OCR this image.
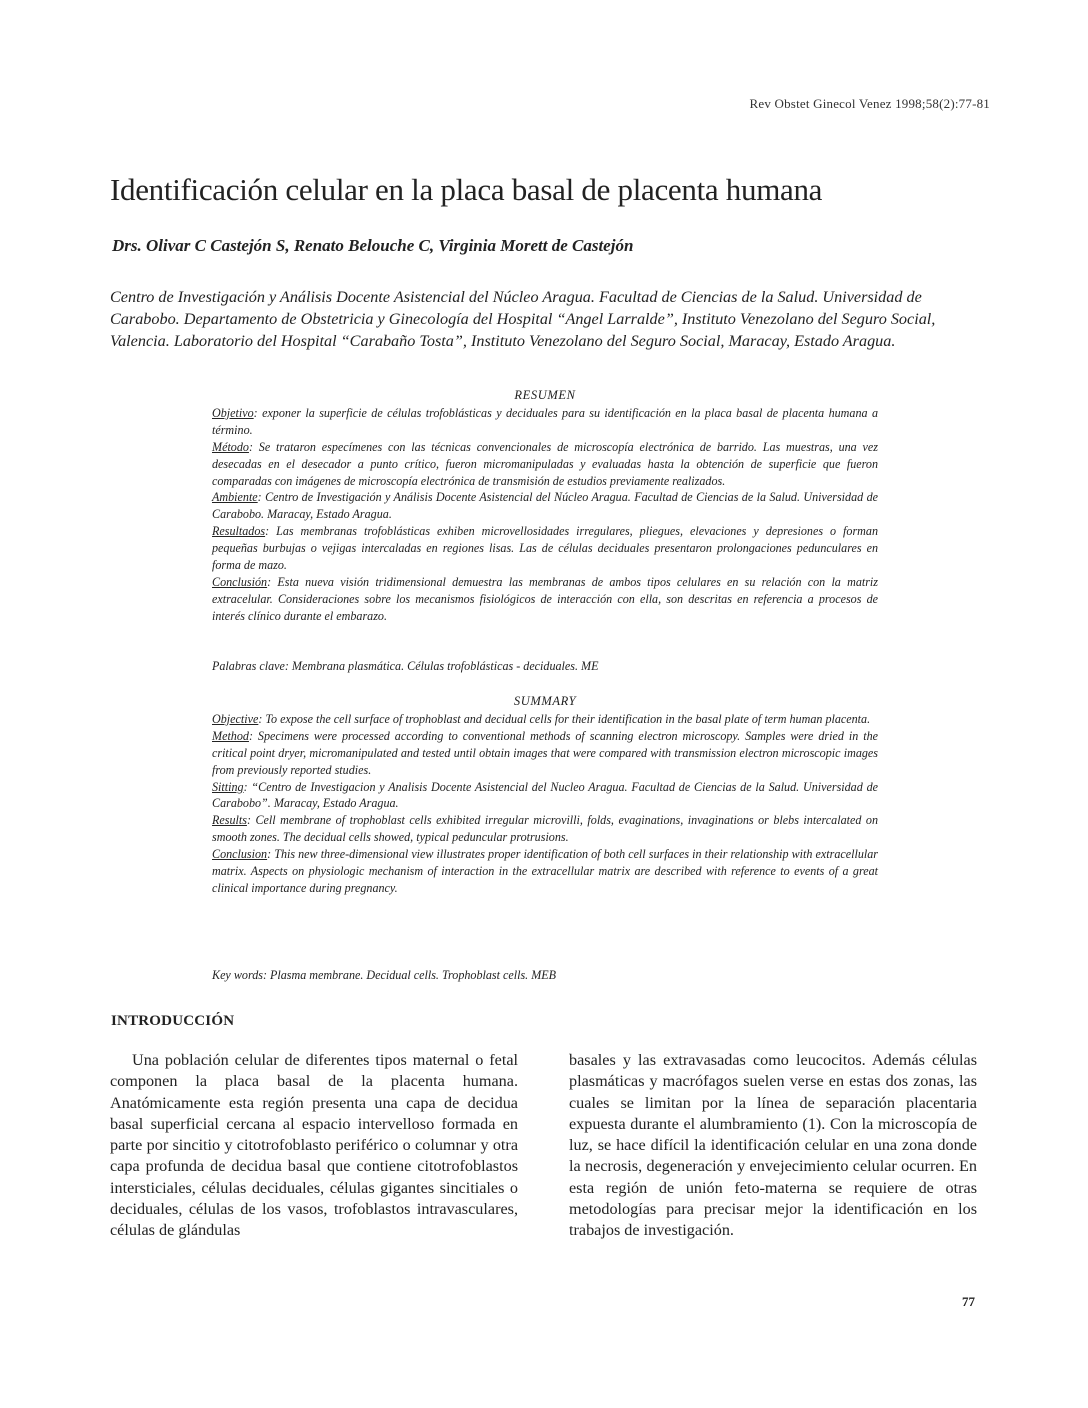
Rev Obstet Ginecol Venez 1998;58(2):77-81
Identificación celular en la placa basal de placenta humana

Drs. Olivar C Castejón S, Renato Belouche C, Virginia Morett de Castejón

Centro de Investigación y Análisis Docente Asistencial del Núcleo Aragua. Facultad de Ciencias de la Salud. Universidad de Carabobo. Departamento de Obstetricia y Ginecología del Hospital “Angel Larralde”, Instituto Venezolano del Seguro Social, Valencia. Laboratorio del Hospital “Carabaño Tosta”, Instituto Venezolano del Seguro Social, Maracay, Estado Aragua.

RESUMEN

Objetivo: exponer la superficie de células trofoblásticas y deciduales para su identificación en la placa basal de placenta humana a término.

Método: Se trataron especímenes con las técnicas convencionales de microscopía electrónica de barrido. Las muestras, una vez desecadas en el desecador a punto crítico, fueron micromanipuladas y evaluadas hasta la obtención de superficie que fueron comparadas con imágenes de microscopía electrónica de transmisión de estudios previamente realizados.

Ambiente: Centro de Investigación y Análisis Docente Asistencial del Núcleo Aragua. Facultad de Ciencias de la Salud. Universidad de Carabobo. Maracay, Estado Aragua.

Resultados: Las membranas trofoblásticas exhiben microvellosidades irregulares, pliegues, elevaciones y depresiones o forman pequeñas burbujas o vejigas intercaladas en regiones lisas. Las de células deciduales presentaron prolongaciones pedunculares en forma de mazo.

Conclusión: Esta nueva visión tridimensional demuestra las membranas de ambos tipos celulares en su relación con la matriz extracelular. Consideraciones sobre los mecanismos fisiológicos de interacción con ella, son descritas en referencia a procesos de interés clínico durante el embarazo.

Palabras clave: Membrana plasmática. Células trofoblásticas - deciduales. ME

SUMMARY

Objective: To expose the cell surface of trophoblast and decidual cells for their identification in the basal plate of term human placenta.

Method: Specimens were processed according to conventional methods of scanning electron microscopy. Samples were dried in the critical point dryer, micromanipulated and tested until obtain images that were compared with transmission electron microscopic images from previously reported studies.

Sitting: “Centro de Investigacion y Analisis Docente Asistencial del Nucleo Aragua. Facultad de Ciencias de la Salud. Universidad de Carabobo”. Maracay, Estado Aragua.

Results: Cell membrane of trophoblast cells exhibited irregular microvilli, folds, evaginations, invaginations or blebs intercalated on smooth zones. The decidual cells showed, typical peduncular protrusions.

Conclusion: This new three-dimensional view illustrates proper identification of both cell surfaces in their relationship with extracellular matrix. Aspects on physiologic mechanism of interaction in the extracellular matrix are described with reference to events of a great clinical importance during pregnancy.

Key words: Plasma membrane. Decidual cells. Trophoblast cells. MEB

INTRODUCCIÓN

Una población celular de diferentes tipos maternal o fetal componen la placa basal de la placenta humana. Anatómicamente esta región presenta una capa de decidua basal superficial cercana al espacio intervelloso formada en parte por sincitio y citotrofoblasto periférico o columnar y otra capa profunda de decidua basal que contiene citotrofoblastos intersticiales, células deciduales, células gigantes sincitiales o deciduales, células de los vasos, trofoblastos intravasculares, células de glándulas

basales y las extravasadas como leucocitos. Además células plasmáticas y macrófagos suelen verse en estas dos zonas, las cuales se limitan por la línea de separación placentaria expuesta durante el alumbramiento (1). Con la microscopía de luz, se hace difícil la identificación celular en una zona donde la necrosis, degeneración y envejecimiento celular ocurren. En esta región de unión feto-materna se requiere de otras metodologías para precisar mejor la identificación en los trabajos de investigación.

77
